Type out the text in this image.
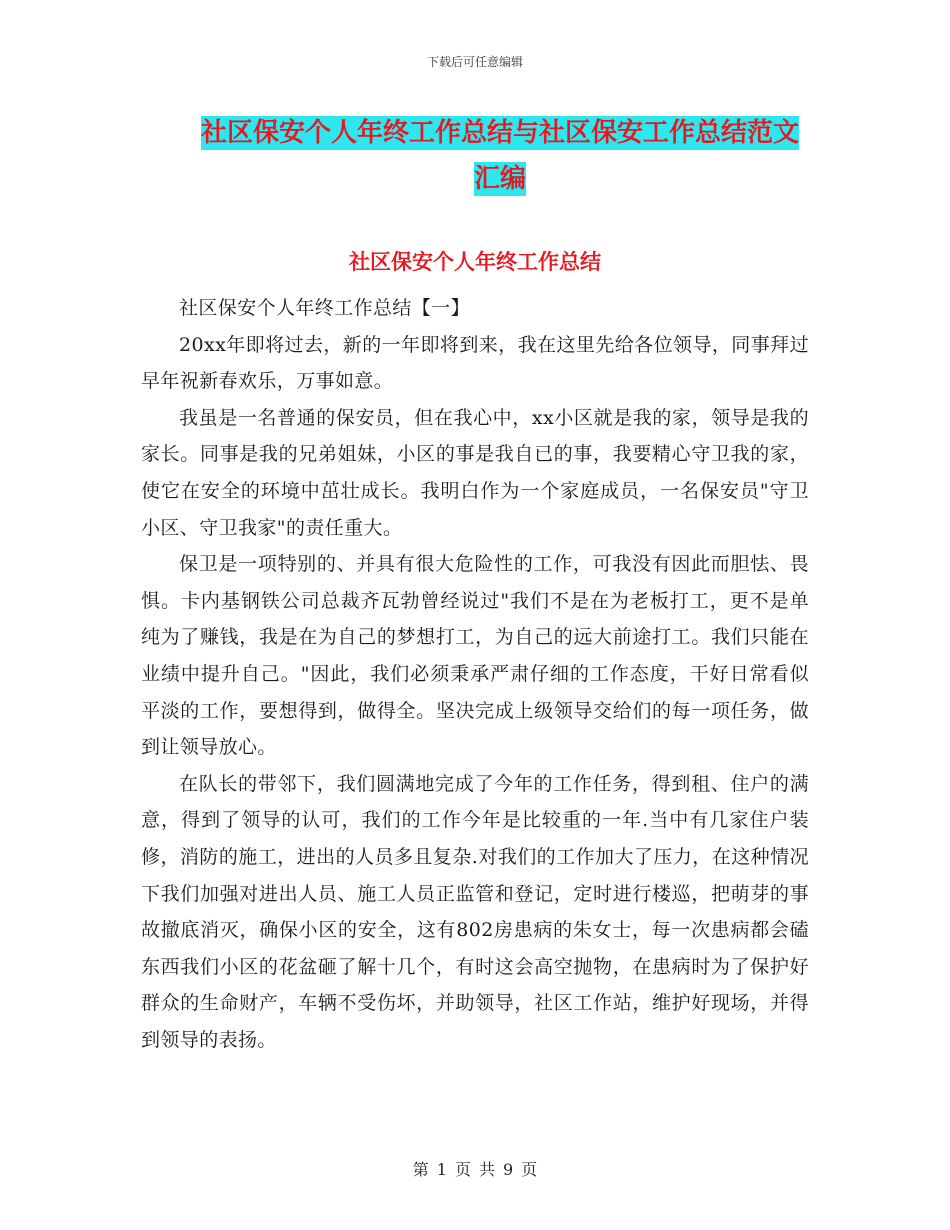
下载后可任意编辑
社区保安个人年终工作总结与社区保安工作总结范文汇编
社区保安个人年终工作总结

社区保安个人年终工作总结【一】

20xx年即将过去，新的一年即将到来，我在这里先给各位领导，同事拜过早年祝新春欢乐，万事如意。

我虽是一名普通的保安员，但在我心中，xx小区就是我的家，领导是我的家长。同事是我的兄弟姐妹，小区的事是我自已的事，我要精心守卫我的家，使它在安全的环境中茁壮成长。我明白作为一个家庭成员，一名保安员"守卫小区、守卫我家"的责任重大。

保卫是一项特别的、并具有很大危险性的工作，可我没有因此而胆怯、畏惧。卡内基钢铁公司总裁齐瓦勃曾经说过"我们不是在为老板打工，更不是单纯为了赚钱，我是在为自己的梦想打工，为自己的远大前途打工。我们只能在业绩中提升自己。"因此，我们必须秉承严肃仔细的工作态度，干好日常看似平淡的工作，要想得到，做得全。坚决完成上级领导交给们的每一项任务，做到让领导放心。

在队长的带邻下，我们圆满地完成了今年的工作任务，得到租、住户的满意，得到了领导的认可，我们的工作今年是比较重的一年.当中有几家住户装修，消防的施工，进出的人员多且复杂.对我们的工作加大了压力，在这种情况下我们加强对进出人员、施工人员正监管和登记，定时进行楼巡，把萌芽的事故撤底消灭，确保小区的安全，这有802房患病的朱女士，每一次患病都会磕东西我们小区的花盆砸了解十几个，有时这会高空抛物，在患病时为了保护好群众的生命财产，车辆不受伤坏，并助领导，社区工作站，维护好现场，并得到领导的表扬。

第 1 页 共 9 页
